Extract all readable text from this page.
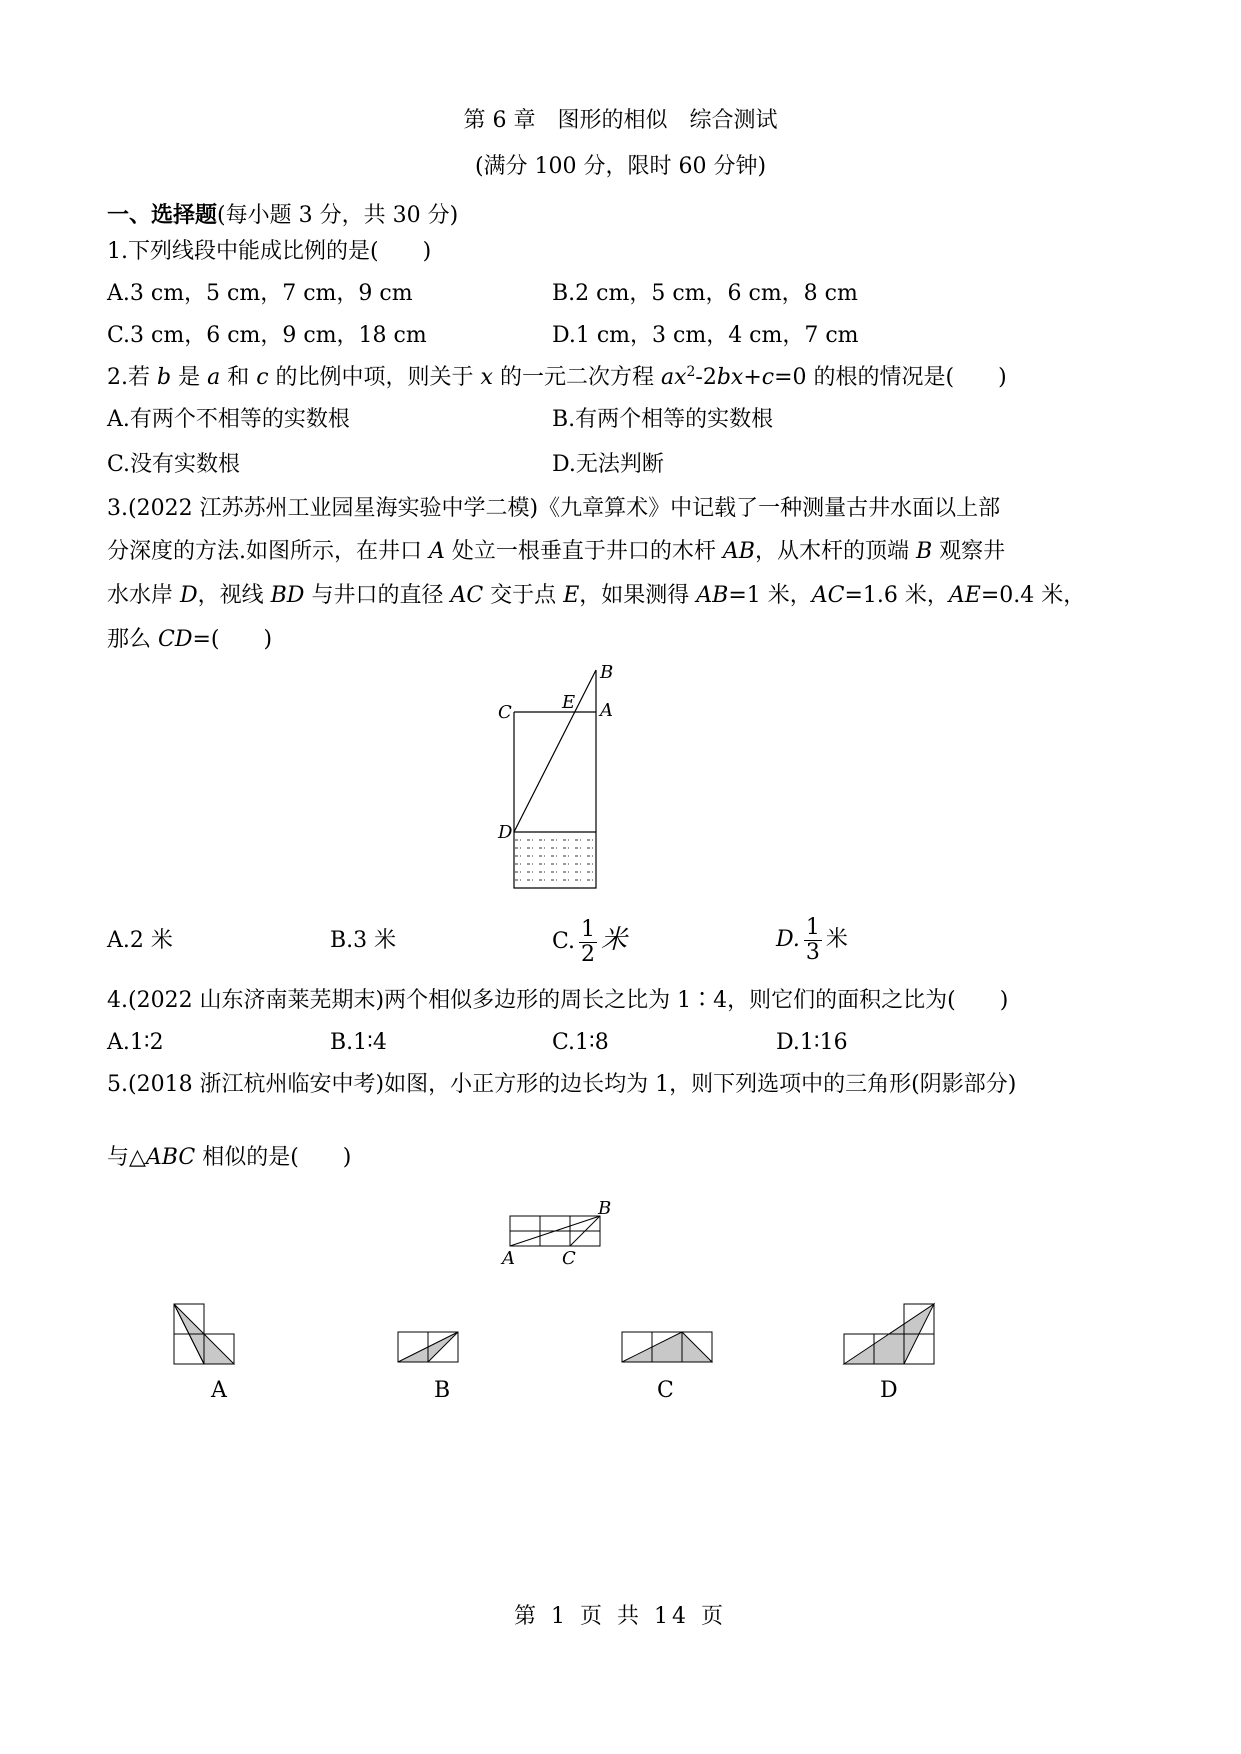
第 6 章　图形的相似　综合测试
(满分 100 分，限时 60 分钟)
一、选择题(每小题 3 分，共 30 分)
1.下列线段中能成比例的是(　　)
A.3 cm，5 cm，7 cm，9 cm	B.2 cm，5 cm，6 cm，8 cm
C.3 cm，6 cm，9 cm，18 cm	D.1 cm，3 cm，4 cm，7 cm
2.若 b 是 a 和 c 的比例中项，则关于 x 的一元二次方程 $ax^2-2bx+c=0$ 的根的情况是(　　)
A.有两个不相等的实数根	B.有两个相等的实数根
C.没有实数根	D.无法判断
3.(2022 江苏苏州工业园星海实验中学二模)《九章算术》中记载了一种测量古井水面以上部
分深度的方法.如图所示，在井口 A 处立一根垂直于井口的木杆 AB，从木杆的顶端 B 观察井
水水岸 D，视线 BD 与井口的直径 AC 交于点 E，如果测得 AB=1 米，AC=1.6 米，AE=0.4 米，
那么 CD=(　　)
B
C	E A
D
A.2 米	B.3 米	C. $\frac{1}{2}$ 米	D. $\frac{1}{3}$ 米
4.(2022 山东济南莱芜期末)两个相似多边形的周长之比为 1∶4，则它们的面积之比为(　　)
A.1∶2	B.1∶4	C.1∶8	D.1∶16
5.(2018 浙江杭州临安中考)如图，小正方形的边长均为 1，则下列选项中的三角形(阴影部分)
与△ABC 相似的是(　　)
B
A	C
A	B	C	D
第 1 页 共 14 页
